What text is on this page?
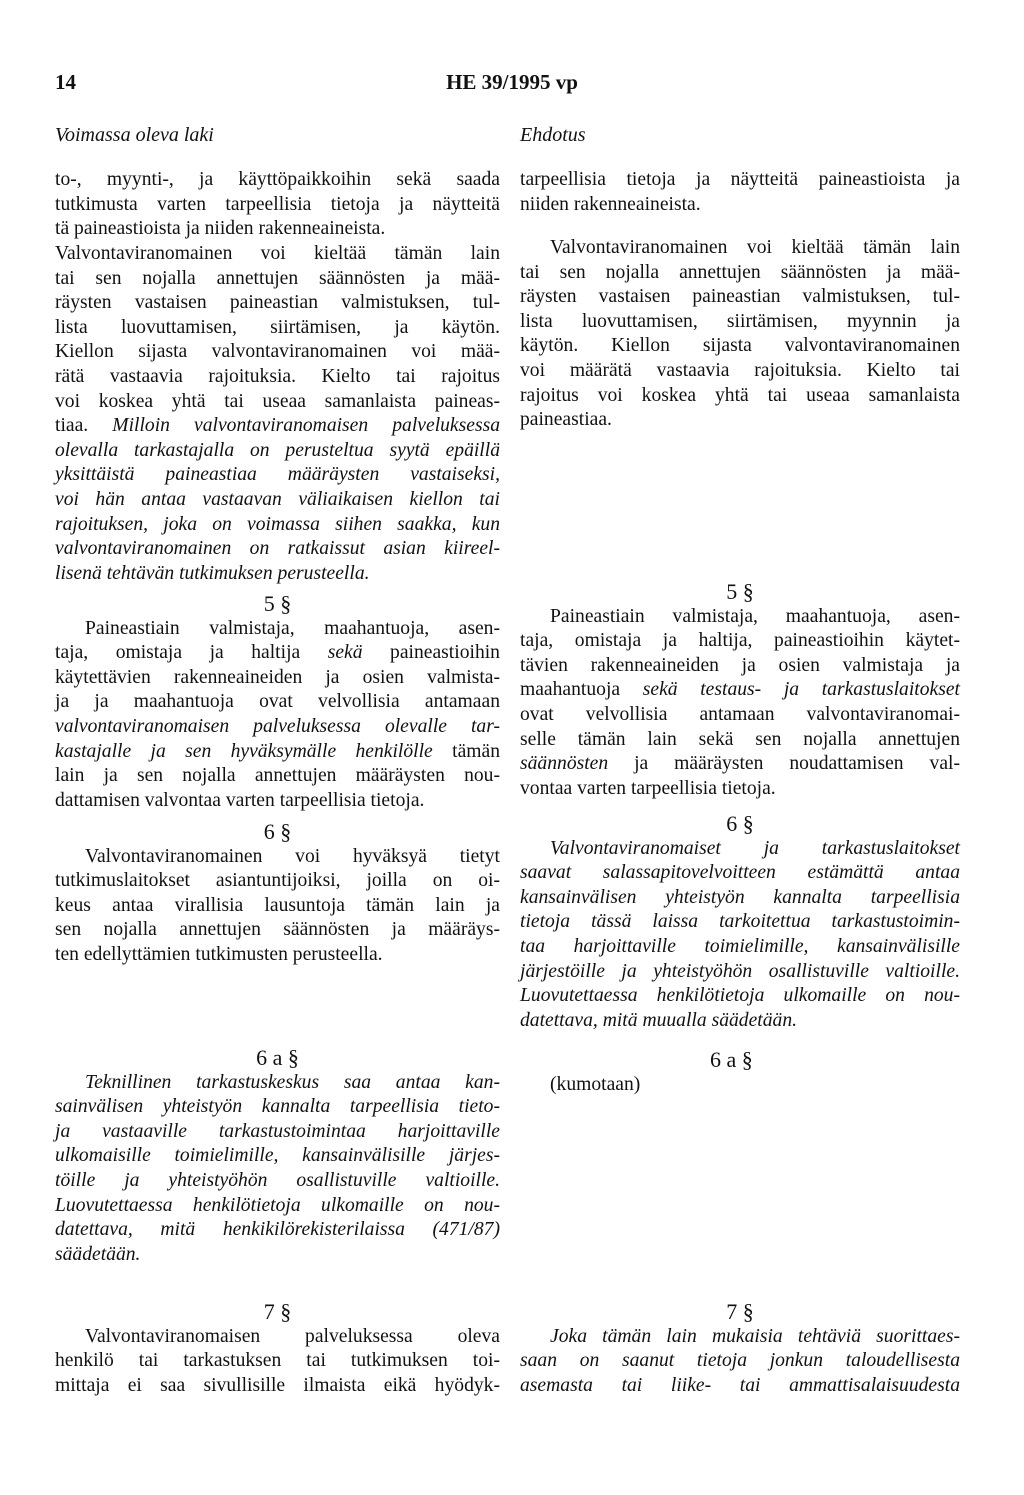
14	HE 39/1995 vp
Voimassa oleva laki	Ehdotus
to-, myynti-, ja käyttöpaikkoihin sekä saada
tutkimusta varten tarpeellisia tietoja ja näytteitä
tä paineastioista ja niiden rakenneaineista.
Valvontaviranomainen voi kieltää tämän lain
tai sen nojalla annettujen säännösten ja mää-
räysten vastaisen paineastian valmistuksen, tul-
lista luovuttamisen, siirtämisen, ja käytön.
Kiellon sijasta valvontaviranomainen voi mää-
rätä vastaavia rajoituksia. Kielto tai rajoitus
voi koskea yhtä tai useaa samanlaista paineas-
tiaa. Milloin valvontaviranomaisen palveluksessa
olevalla tarkastajalla on perusteltua syytä epäillä
yksittäistä paineastiaa määräysten vastaiseksi,
voi hän antaa vastaavan väliaikaisen kiellon tai
rajoituksen, joka on voimassa siihen saakka, kun
valvontaviranomainen on ratkaissut asian kiireel-
lisenä tehtävän tutkimuksen perusteella.
5 §
Paineastiain valmistaja, maahantuoja, asen-
taja, omistaja ja haltija sekä paineastioihin
käytettävien rakenneaineiden ja osien valmista-
ja ja maahantuoja ovat velvollisia antamaan
valvontaviranomaisen palveluksessa olevalle tar-
kastajalle ja sen hyväksymälle henkilölle tämän
lain ja sen nojalla annettujen määräysten nou-
dattamisen valvontaa varten tarpeellisia tietoja.
6 §
Valvontaviranomainen voi hyväksyä tietyt
tutkimuslaitokset asiantuntijoiksi, joilla on oi-
keus antaa virallisia lausuntoja tämän lain ja
sen nojalla annettujen säännösten ja määräys-
ten edellyttämien tutkimusten perusteella.
6 a §
Teknillinen tarkastuskeskus saa antaa kan-
sainvälisen yhteistyön kannalta tarpeellisia tieto-
ja vastaaville tarkastustoimintaa harjoittaville
ulkomaisille toimielimille, kansainvälisille järjes-
töille ja yhteistyöhön osallistuville valtioille.
Luovutettaessa henkilötietoja ulkomaille on nou-
datettava, mitä henkikilörekisterilaissa (471/87)
säädetään.
7 §
Valvontaviranomaisen palveluksessa oleva
henkilö tai tarkastuksen tai tutkimuksen toi-
mittaja ei saa sivullisille ilmaista eikä hyödyk-
tarpeellisia tietoja ja näytteitä paineastioista ja
niiden rakenneaineista.
Valvontaviranomainen voi kieltää tämän lain
tai sen nojalla annettujen säännösten ja mää-
räysten vastaisen paineastian valmistuksen, tul-
lista luovuttamisen, siirtämisen, myynnin ja
käytön. Kiellon sijasta valvontaviranomainen
voi määrätä vastaavia rajoituksia. Kielto tai
rajoitus voi koskea yhtä tai useaa samanlaista
paineastiaa.
5 §
Paineastiain valmistaja, maahantuoja, asen-
taja, omistaja ja haltija, paineastioihin käytet-
tävien rakenneaineiden ja osien valmistaja ja
maahantuoja sekä testaus- ja tarkastuslaitokset
ovat velvollisia antamaan valvontaviranomai-
selle tämän lain sekä sen nojalla annettujen
säännösten ja määräysten noudattamisen val-
vontaa varten tarpeellisia tietoja.
6 §
Valvontaviranomaiset ja tarkastuslaitokset
saavat salassapitovelvoitteen estämättä antaa
kansainvälisen yhteistyön kannalta tarpeellisia
tietoja tässä laissa tarkoitettua tarkastustoimin-
taa harjoittaville toimielimille, kansainvälisille
järjestöille ja yhteistyöhön osallistuville valtioille.
Luovutettaessa henkilötietoja ulkomaille on nou-
datettava, mitä muualla säädetään.
6 a §
(kumotaan)
7 §
Joka tämän lain mukaisia tehtäviä suorittaes-
saan on saanut tietoja jonkun taloudellisesta
asemasta tai liike- tai ammattisalaisuudesta
